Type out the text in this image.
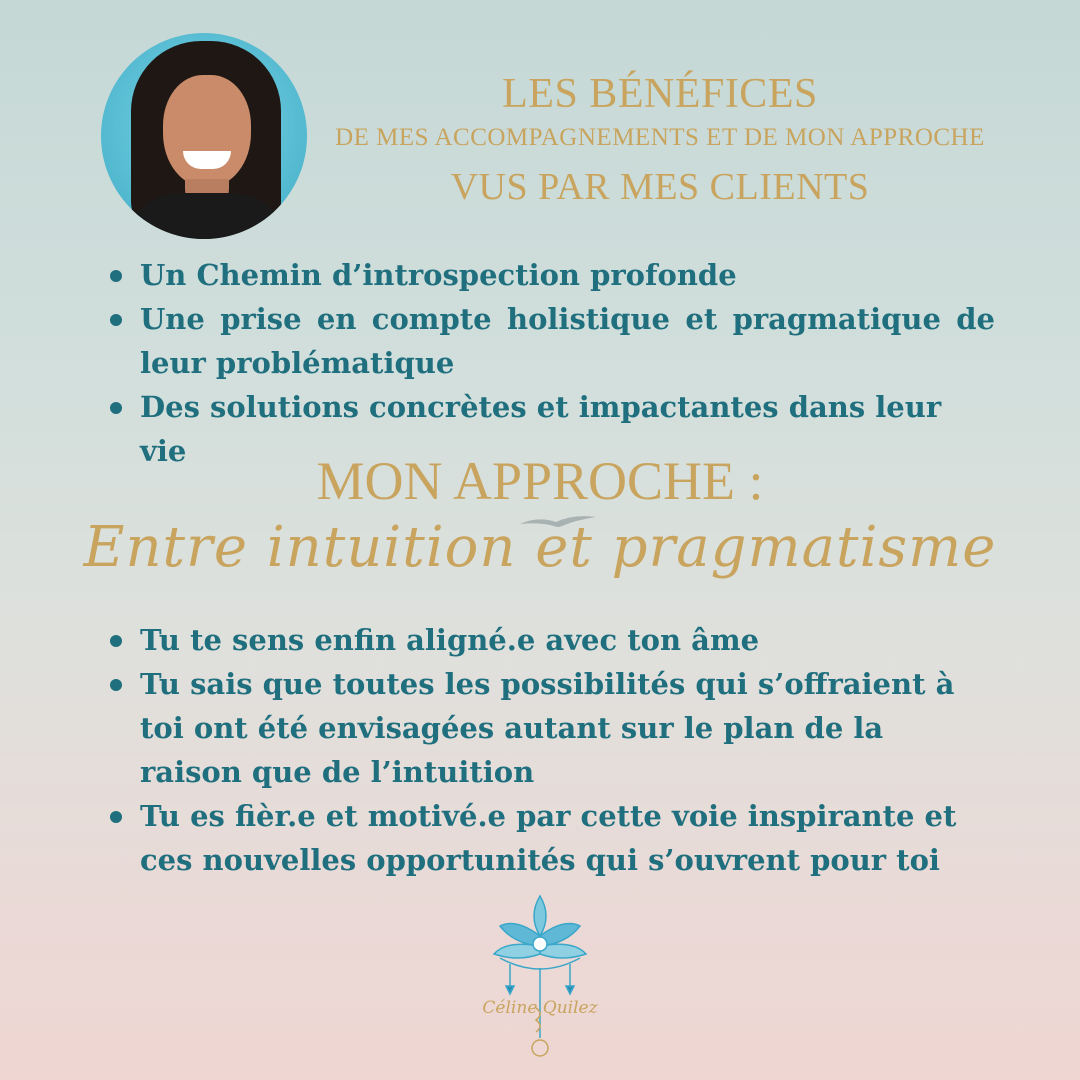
LES BÉNÉFICES
DE MES ACCOMPAGNEMENTS ET DE MON APPROCHE
VUS PAR MES CLIENTS
Un Chemin d’introspection profonde
Une prise en compte holistique et pragmatique de leur problématique
Des solutions concrètes et impactantes dans leur vie	MON APPROCHE :
Entre intuition et pragmatisme
Tu te sens enfin aligné.e avec ton âme
Tu sais que toutes les possibilités qui s’offraient à toi ont été envisagées autant sur le plan de la raison que de l’intuition
Tu es fièr.e et motivé.e par cette voie inspirante et ces nouvelles opportunités qui s’ouvrent pour toi
Céline Quilez
